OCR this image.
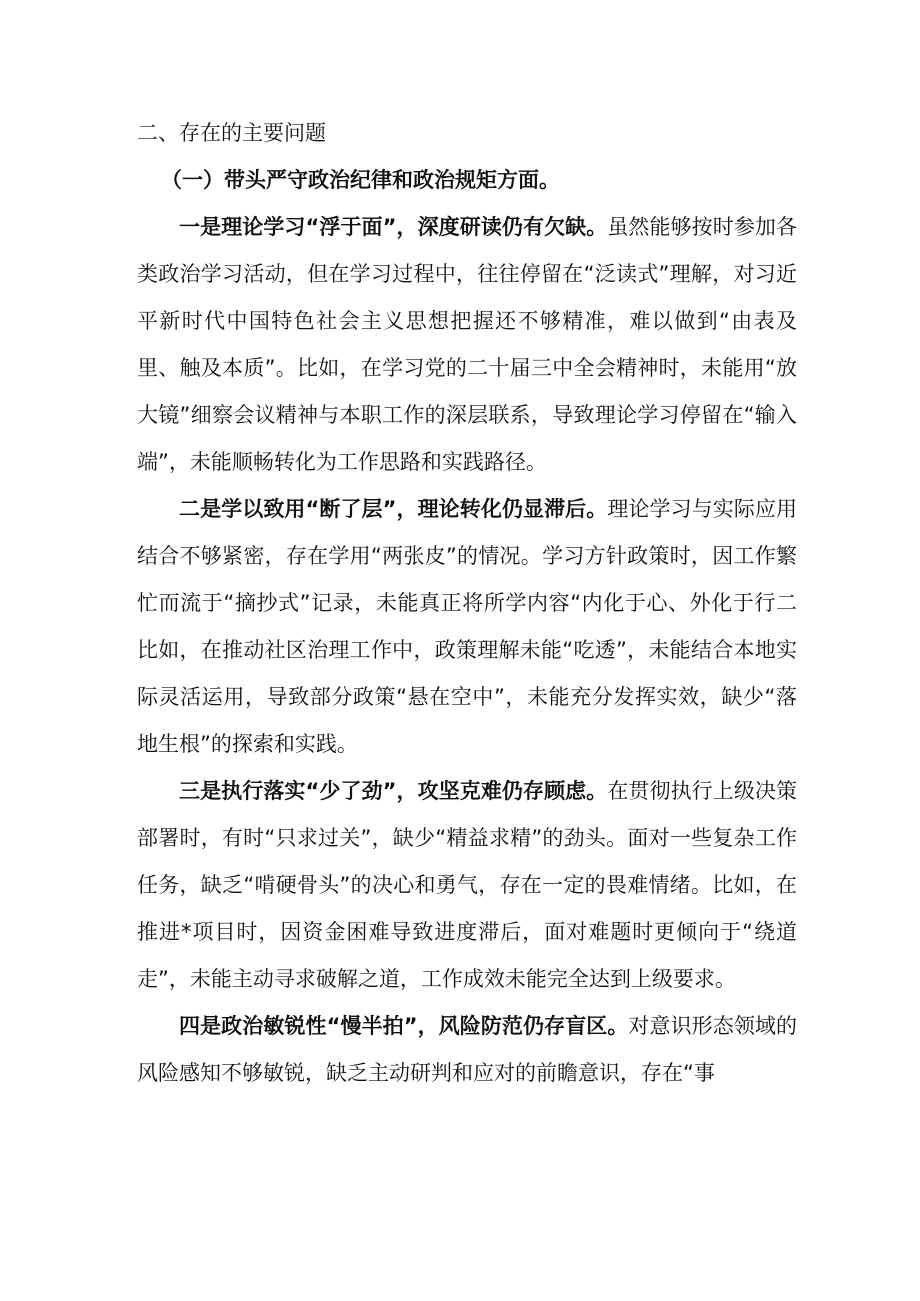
二、存在的主要问题

（一）带头严守政治纪律和政治规矩方面。

一是理论学习“浮于面”，深度研读仍有欠缺。虽然能够按时参加各类政治学习活动，但在学习过程中，往往停留在“泛读式”理解，对习近平新时代中国特色社会主义思想把握还不够精准，难以做到“由表及里、触及本质”。比如，在学习党的二十届三中全会精神时，未能用“放大镜”细察会议精神与本职工作的深层联系，导致理论学习停留在“输入端”，未能顺畅转化为工作思路和实践路径。

二是学以致用“断了层”，理论转化仍显滞后。理论学习与实际应用结合不够紧密，存在学用“两张皮”的情况。学习方针政策时，因工作繁忙而流于“摘抄式”记录，未能真正将所学内容“内化于心、外化于行二比如，在推动社区治理工作中，政策理解未能“吃透”，未能结合本地实际灵活运用，导致部分政策“悬在空中”，未能充分发挥实效，缺少“落地生根”的探索和实践。

三是执行落实“少了劲”，攻坚克难仍存顾虑。在贯彻执行上级决策部署时，有时“只求过关”，缺少“精益求精”的劲头。面对一些复杂工作任务，缺乏“啃硬骨头”的决心和勇气，存在一定的畏难情绪。比如，在推进*项目时，因资金困难导致进度滞后，面对难题时更倾向于“绕道走”，未能主动寻求破解之道，工作成效未能完全达到上级要求。

四是政治敏锐性“慢半拍”，风险防范仍存盲区。对意识形态领域的风险感知不够敏锐，缺乏主动研判和应对的前瞻意识，存在“事
